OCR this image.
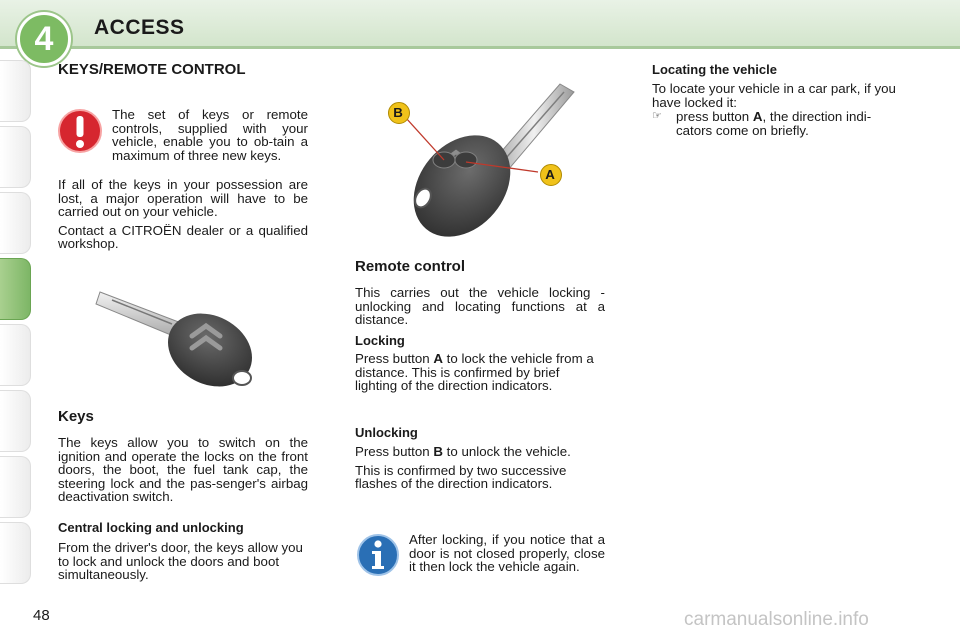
4	ACCESS
KEYS/REMOTE CONTROL

The set of keys or remote controls, supplied with your vehicle, enable you to ob-tain a maximum of three new keys.

If all of the keys in your possession are lost, a major operation will have to be carried out on your vehicle.

Contact a CITROËN dealer or a qualified workshop.

Keys

The keys allow you to switch on the ignition and operate the locks on the front doors, the boot, the fuel tank cap, the steering lock and the pas-senger's airbag deactivation switch.

Central locking and unlocking

From the driver's door, the keys allow you to lock and unlock the doors and boot simultaneously.

B
A
Remote control

This carries out the vehicle locking - unlocking and locating functions at a distance.

Locking

Press button A to lock the vehicle from a distance. This is confirmed by brief lighting of the direction indicators.

Unlocking

Press button B to unlock the vehicle.

This is confirmed by two successive flashes of the direction indicators.

After locking, if you notice that a door is not closed properly, close it then lock the vehicle again.

Locating the vehicle

To locate your vehicle in a car park, if you have locked it:

☞ press button A, the direction indi-cators come on briefly.

48	carmanualsonline.info
